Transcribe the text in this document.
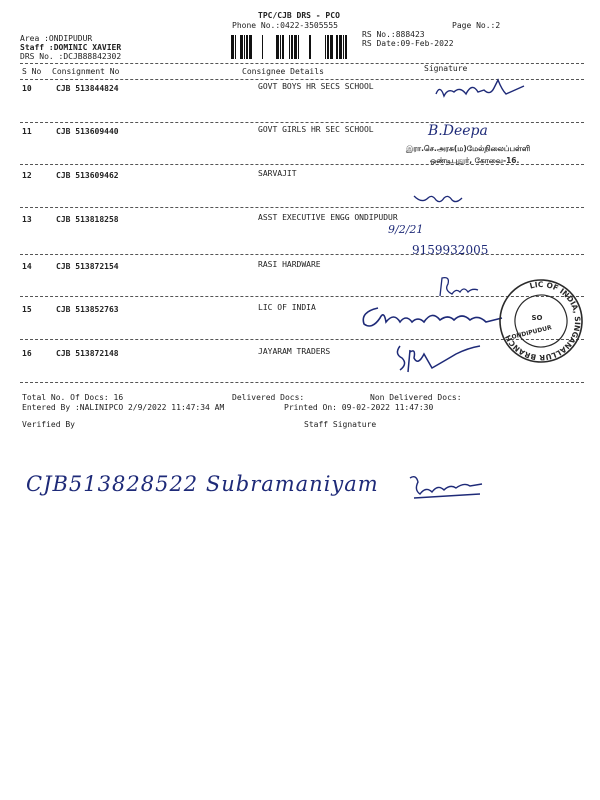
TPC/CJB DRS - PCO
Phone No.:0422-3505555	Page No.:2
Area :ONDIPUDUR
Staff :DOMINIC XAVIER
DRS No. :DCJB88842302
RS No.:888423
RS Date:09-Feb-2022
S No Consignment No	Consignee Details	Signature
10	CJB 513844824	GOVT BOYS HR SECS SCHOOL
11	CJB 513609440	GOVT GIRLS HR SEC SCHOOL
12	CJB 513609462	SARVAJIT
13	CJB 513818258	ASST EXECUTIVE ENGG ONDIPUDUR
14	CJB 513872154	RASI HARDWARE
15	CJB 513852763	LIC OF INDIA
16	CJB 513872148	JAYARAM TRADERS
B.Deepa
இரா.செ.அரசு(ம)மேல்நிலைப்பள்ளி
ஒண்டிபுதூர், கோவை-16.
9/2/21
9159932005
LIC OF INDIA, SINGANALLUR BRANCH
SO
ONDIPUDUR
Total No. Of Docs: 16	Delivered Docs:	Non Delivered Docs:
Entered By :NALINIPCO 2/9/2022 11:47:34 AM	Printed On: 09-02-2022 11:47:30
Verified By	Staff Signature
CJB513828522 Subramaniyam
